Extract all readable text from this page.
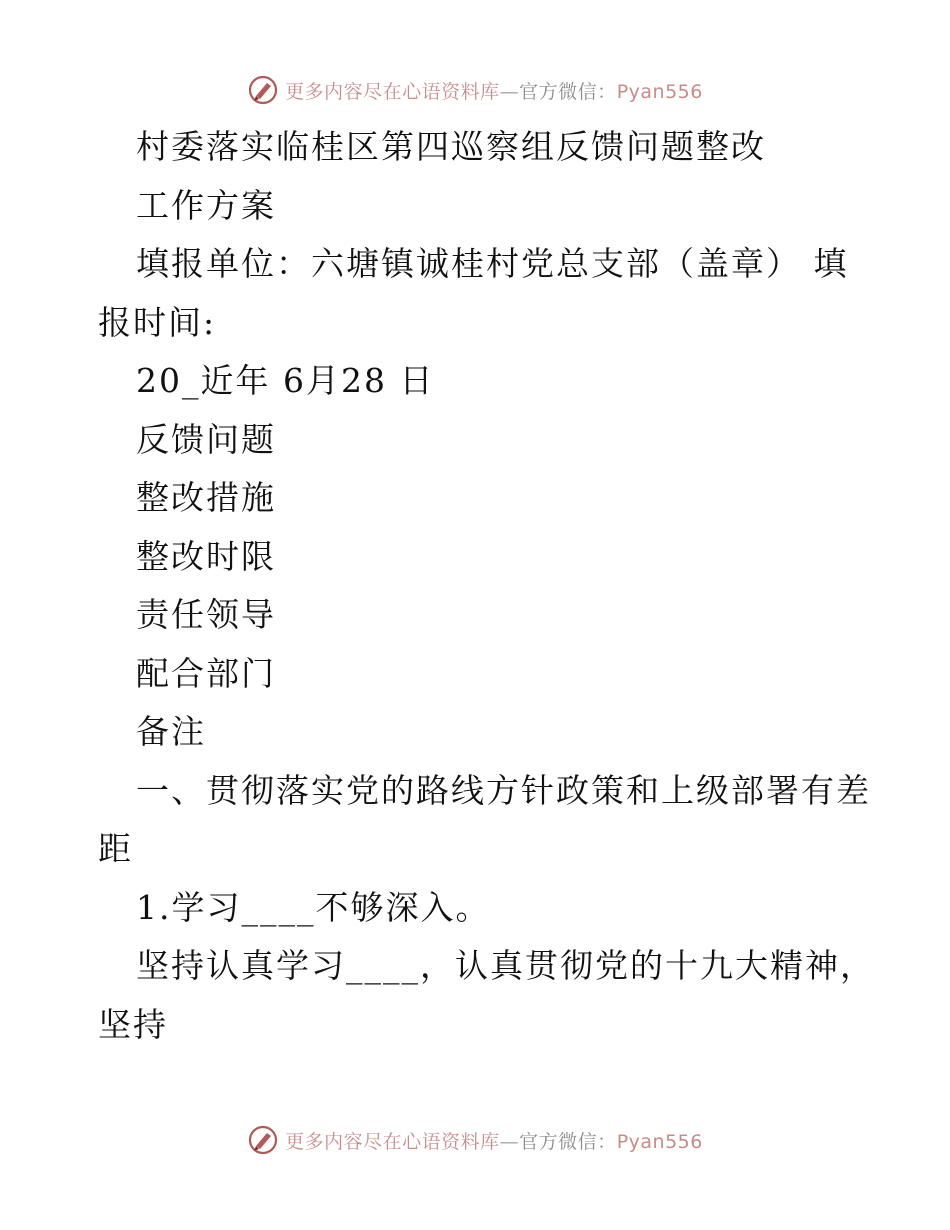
更多内容尽在心语资料库—官方微信：Pyan556
村委落实临桂区第四巡察组反馈问题整改
工作方案
填报单位：六塘镇诚桂村党总支部（盖章） 填
报时间:
20_近年 6月28 日
反馈问题
整改措施
整改时限
责任领导
配合部门
备注
一、贯彻落实党的路线方针政策和上级部署有差
距
1.学习____不够深入。
坚持认真学习____，认真贯彻党的十九大精神，
坚持
更多内容尽在心语资料库—官方微信：Pyan556
